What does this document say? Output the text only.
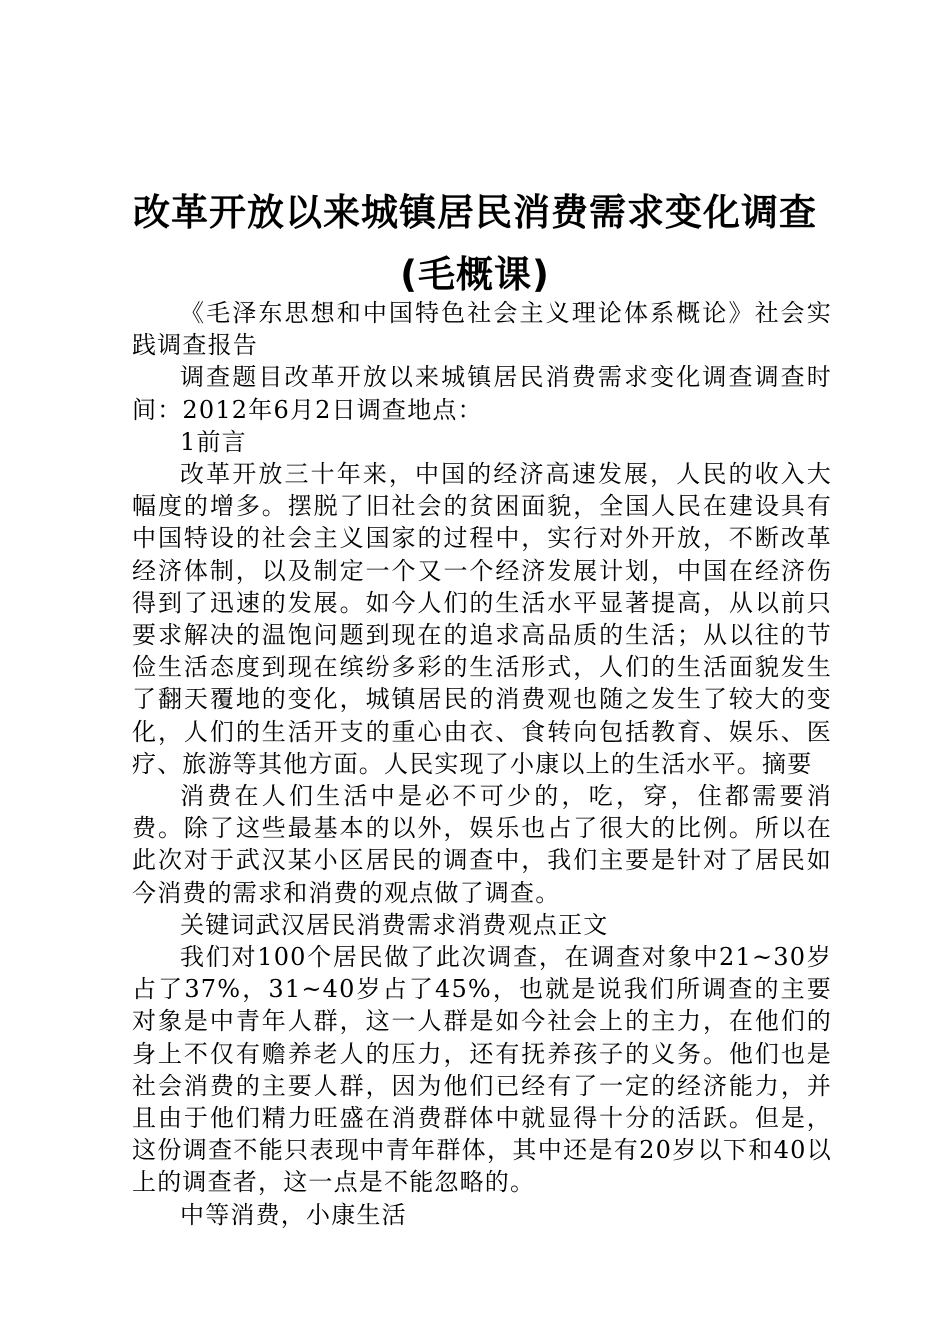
改革开放以来城镇居民消费需求变化调查(毛概课)

《毛泽东思想和中国特色社会主义理论体系概论》社会实践调查报告

调查题目改革开放以来城镇居民消费需求变化调查调查时间：2012年6月2日调查地点：

1前言

改革开放三十年来，中国的经济高速发展，人民的收入大幅度的增多。摆脱了旧社会的贫困面貌，全国人民在建设具有中国特设的社会主义国家的过程中，实行对外开放，不断改革经济体制，以及制定一个又一个经济发展计划，中国在经济伤得到了迅速的发展。如今人们的生活水平显著提高，从以前只要求解决的温饱问题到现在的追求高品质的生活；从以往的节俭生活态度到现在缤纷多彩的生活形式，人们的生活面貌发生了翻天覆地的变化，城镇居民的消费观也随之发生了较大的变化，人们的生活开支的重心由衣、食转向包括教育、娱乐、医疗、旅游等其他方面。人民实现了小康以上的生活水平。摘要

消费在人们生活中是必不可少的，吃，穿，住都需要消费。除了这些最基本的以外，娱乐也占了很大的比例。所以在此次对于武汉某小区居民的调查中，我们主要是针对了居民如今消费的需求和消费的观点做了调查。

关键词武汉居民消费需求消费观点正文

我们对100个居民做了此次调查，在调查对象中21~30岁占了37%，31~40岁占了45%，也就是说我们所调查的主要对象是中青年人群，这一人群是如今社会上的主力，在他们的身上不仅有赡养老人的压力，还有抚养孩子的义务。他们也是社会消费的主要人群，因为他们已经有了一定的经济能力，并且由于他们精力旺盛在消费群体中就显得十分的活跃。但是，这份调查不能只表现中青年群体，其中还是有20岁以下和40以上的调查者，这一点是不能忽略的。

中等消费，小康生活
